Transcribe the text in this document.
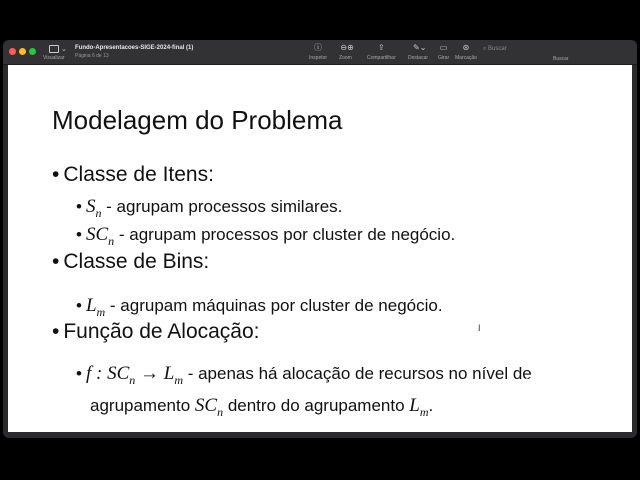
⌄
Visualizar
Fundo-Apresentacoes-SIGE-2024-final (1)
Página 6 de 13
ⓘ
Inspetor
⊖⊕
Zoom
⇪
Compartilhar
✎⌄
Destacar
▭
Girar
⊛
Marcação
⌕ Buscar
Buscar
Modelagem do Problema
• Classe de Itens:
• $S_n$ - agrupam processos similares.
• $SC_n$ - agrupam processos por cluster de negócio.
• Classe de Bins:
• $L_m$ - agrupam máquinas por cluster de negócio.
• Função de Alocação:
• f : $SC_n \to L_m$ - apenas há alocação de recursos no nível de
agrupamento $SC_n$ dentro do agrupamento $L_m$.
I
EU RECORDER MAC
